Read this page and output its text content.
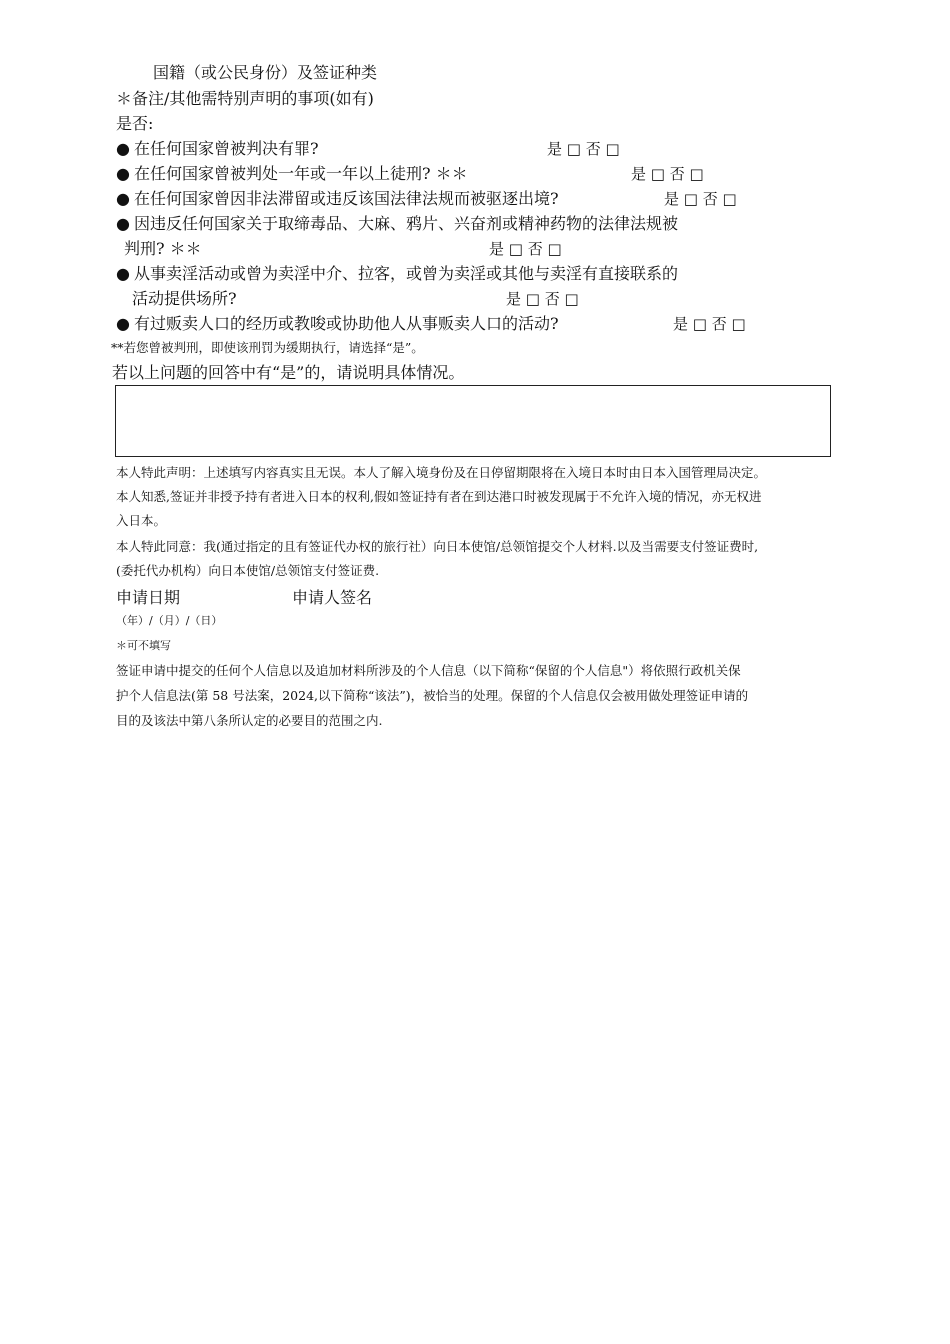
国籍（或公民身份）及签证种类
＊备注/其他需特别声明的事项(如有)
是否:
● 在任何国家曾被判决有罪?	是 □ 否 □
● 在任何国家曾被判处一年或一年以上徒刑? ＊＊	是 □ 否 □
● 在任何国家曾因非法滞留或违反该国法律法规而被驱逐出境?	是 □ 否 □
● 因违反任何国家关于取缔毒品、大麻、鸦片、兴奋剂或精神药物的法律法规被
判刑? ＊＊	是 □ 否 □
● 从事卖淫活动或曾为卖淫中介、拉客，或曾为卖淫或其他与卖淫有直接联系的
活动提供场所?	是 □ 否 □
● 有过贩卖人口的经历或教唆或协助他人从事贩卖人口的活动?	是 □ 否 □
**若您曾被判刑，即使该刑罚为缓期执行，请选择“是”。
若以上问题的回答中有“是”的，请说明具体情况。
本人特此声明：上述填写内容真实且无误。本人了解入境身份及在日停留期限将在入境日本时由日本入国管理局决定。
本人知悉,签证并非授予持有者进入日本的权利,假如签证持有者在到达港口时被发现属于不允许入境的情况，亦无权进
入日本。
本人特此同意：我(通过指定的且有签证代办权的旅行社）向日本使馆/总领馆提交个人材料.以及当需要支付签证费时,
(委托代办机构）向日本使馆/总领馆支付签证费.
申请日期	申请人签名
（年）/（月）/（日）
＊可不填写
签证申请中提交的任何个人信息以及追加材料所涉及的个人信息（以下简称“保留的个人信息"）将依照行政机关保
护个人信息法(第 58 号法案，2024,以下简称“该法”)，被恰当的处理。保留的个人信息仅会被用做处理签证申请的
目的及该法中第八条所认定的必要目的范围之内.
